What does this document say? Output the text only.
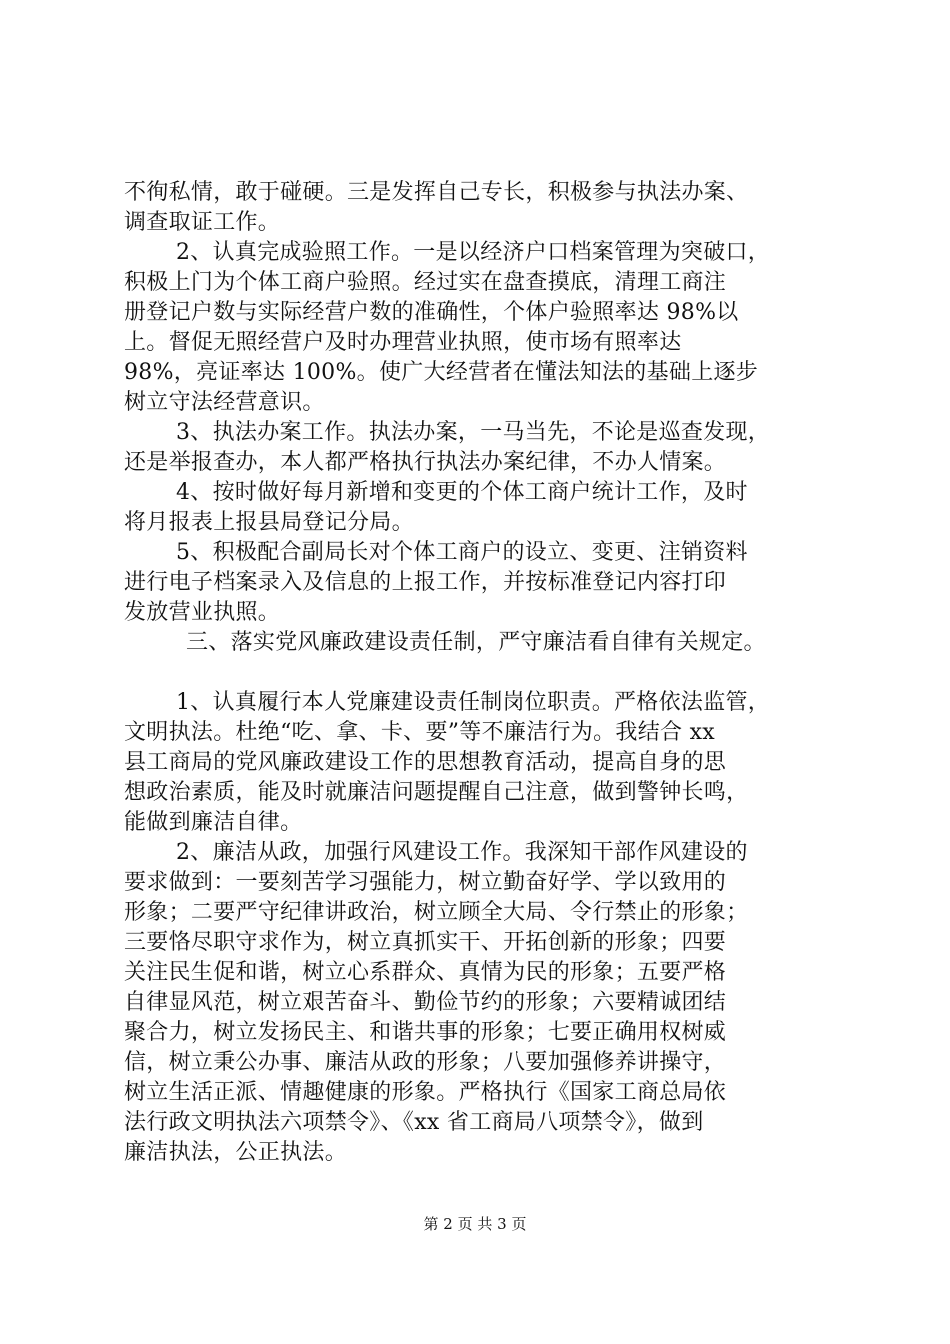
不徇私情，敢于碰硬。三是发挥自己专长，积极参与执法办案、
调查取证工作。
2、认真完成验照工作。一是以经济户口档案管理为突破口，
积极上门为个体工商户验照。经过实在盘查摸底，清理工商注
册登记户数与实际经营户数的准确性，个体户验照率达 98%以
上。督促无照经营户及时办理营业执照，使市场有照率达
98%，亮证率达 100%。使广大经营者在懂法知法的基础上逐步
树立守法经营意识。
3、执法办案工作。执法办案，一马当先，不论是巡查发现，
还是举报查办，本人都严格执行执法办案纪律，不办人情案。
4、按时做好每月新增和变更的个体工商户统计工作，及时
将月报表上报县局登记分局。
5、积极配合副局长对个体工商户的设立、变更、注销资料
进行电子档案录入及信息的上报工作，并按标准登记内容打印
发放营业执照。
三、落实党风廉政建设责任制，严守廉洁看自律有关规定。
1、认真履行本人党廉建设责任制岗位职责。严格依法监管，
文明执法。杜绝“吃、拿、卡、要”等不廉洁行为。我结合 xx
县工商局的党风廉政建设工作的思想教育活动，提高自身的思
想政治素质，能及时就廉洁问题提醒自己注意，做到警钟长鸣，
能做到廉洁自律。
2、廉洁从政，加强行风建设工作。我深知干部作风建设的
要求做到：一要刻苦学习强能力，树立勤奋好学、学以致用的
形象；二要严守纪律讲政治，树立顾全大局、令行禁止的形象；
三要恪尽职守求作为，树立真抓实干、开拓创新的形象；四要
关注民生促和谐，树立心系群众、真情为民的形象；五要严格
自律显风范，树立艰苦奋斗、勤俭节约的形象；六要精诚团结
聚合力，树立发扬民主、和谐共事的形象；七要正确用权树威
信，树立秉公办事、廉洁从政的形象；八要加强修养讲操守，
树立生活正派、情趣健康的形象。严格执行《国家工商总局依
法行政文明执法六项禁令》、《xx 省工商局八项禁令》，做到
廉洁执法，公正执法。
第 2 页 共 3 页
